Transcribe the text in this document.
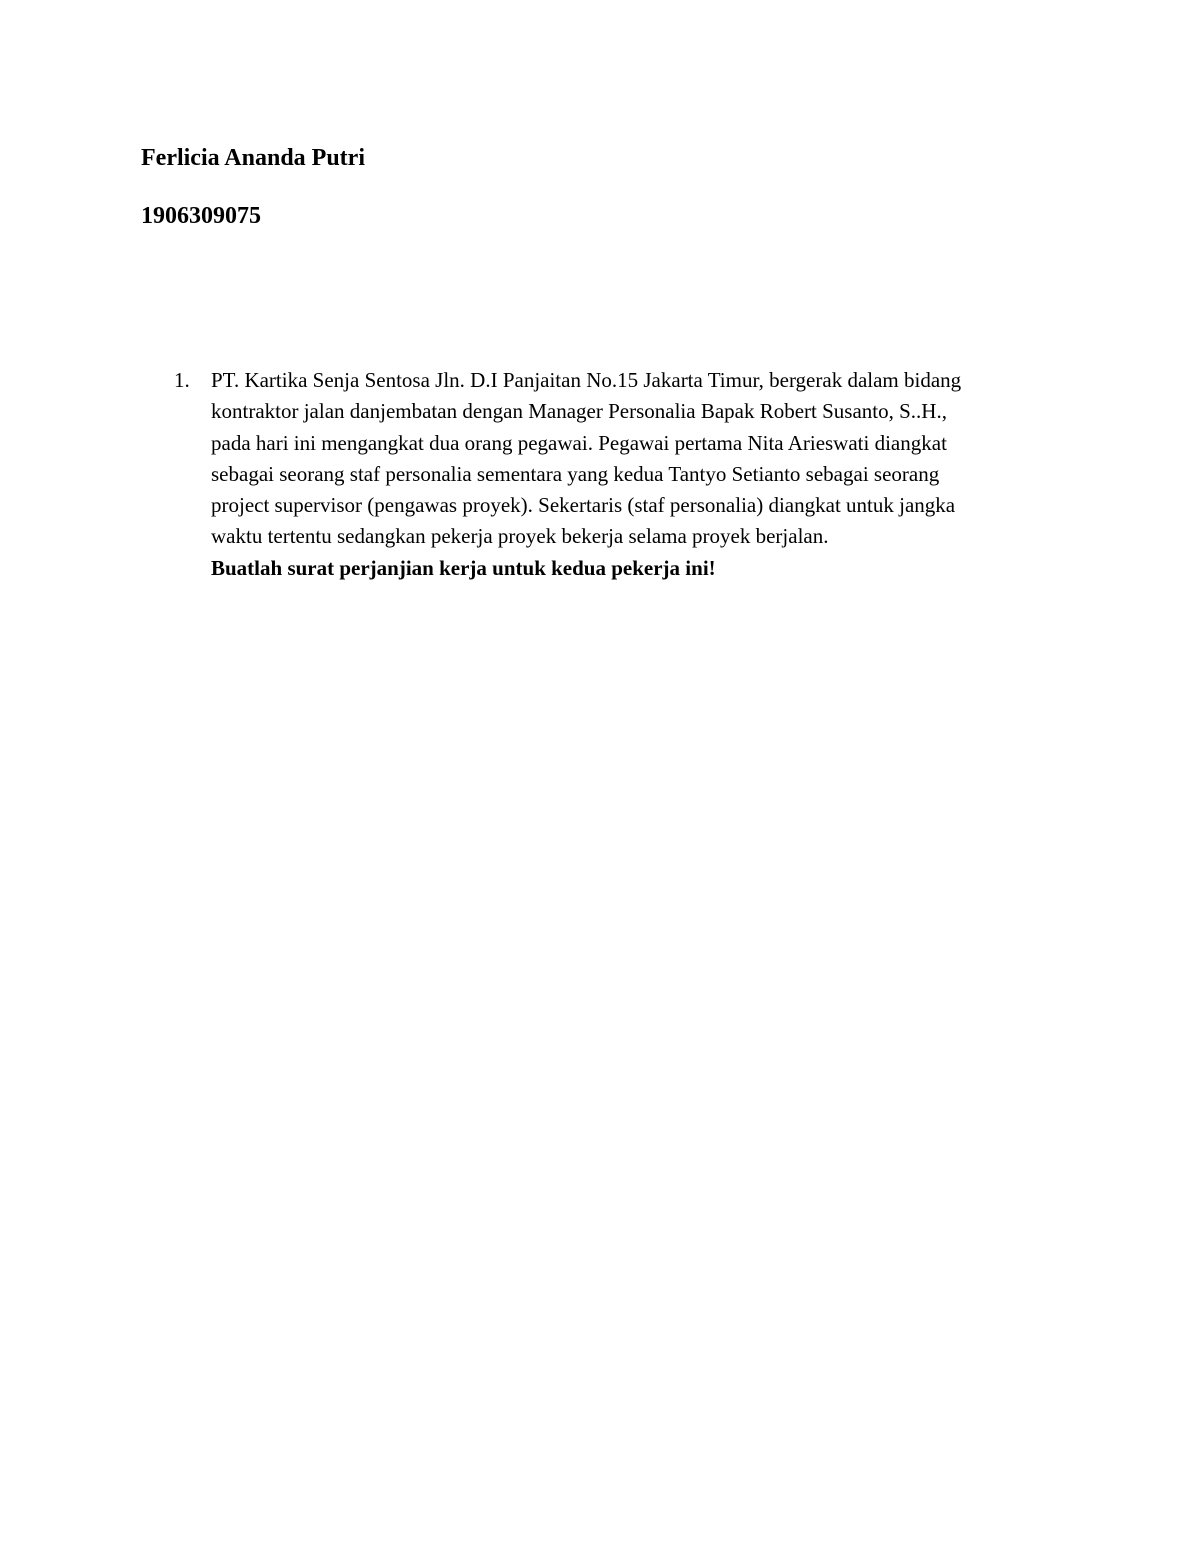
Ferlicia Ananda Putri
1906309075
1.	PT. Kartika Senja Sentosa Jln. D.I Panjaitan No.15 Jakarta Timur, bergerak dalam bidang
kontraktor jalan danjembatan dengan Manager Personalia Bapak Robert Susanto, S..H.,
pada hari ini mengangkat dua orang pegawai. Pegawai pertama Nita Arieswati diangkat
sebagai seorang staf personalia sementara yang kedua Tantyo Setianto sebagai seorang
project supervisor (pengawas proyek). Sekertaris (staf personalia) diangkat untuk jangka
waktu tertentu sedangkan pekerja proyek bekerja selama proyek berjalan.
Buatlah surat perjanjian kerja untuk kedua pekerja ini!
